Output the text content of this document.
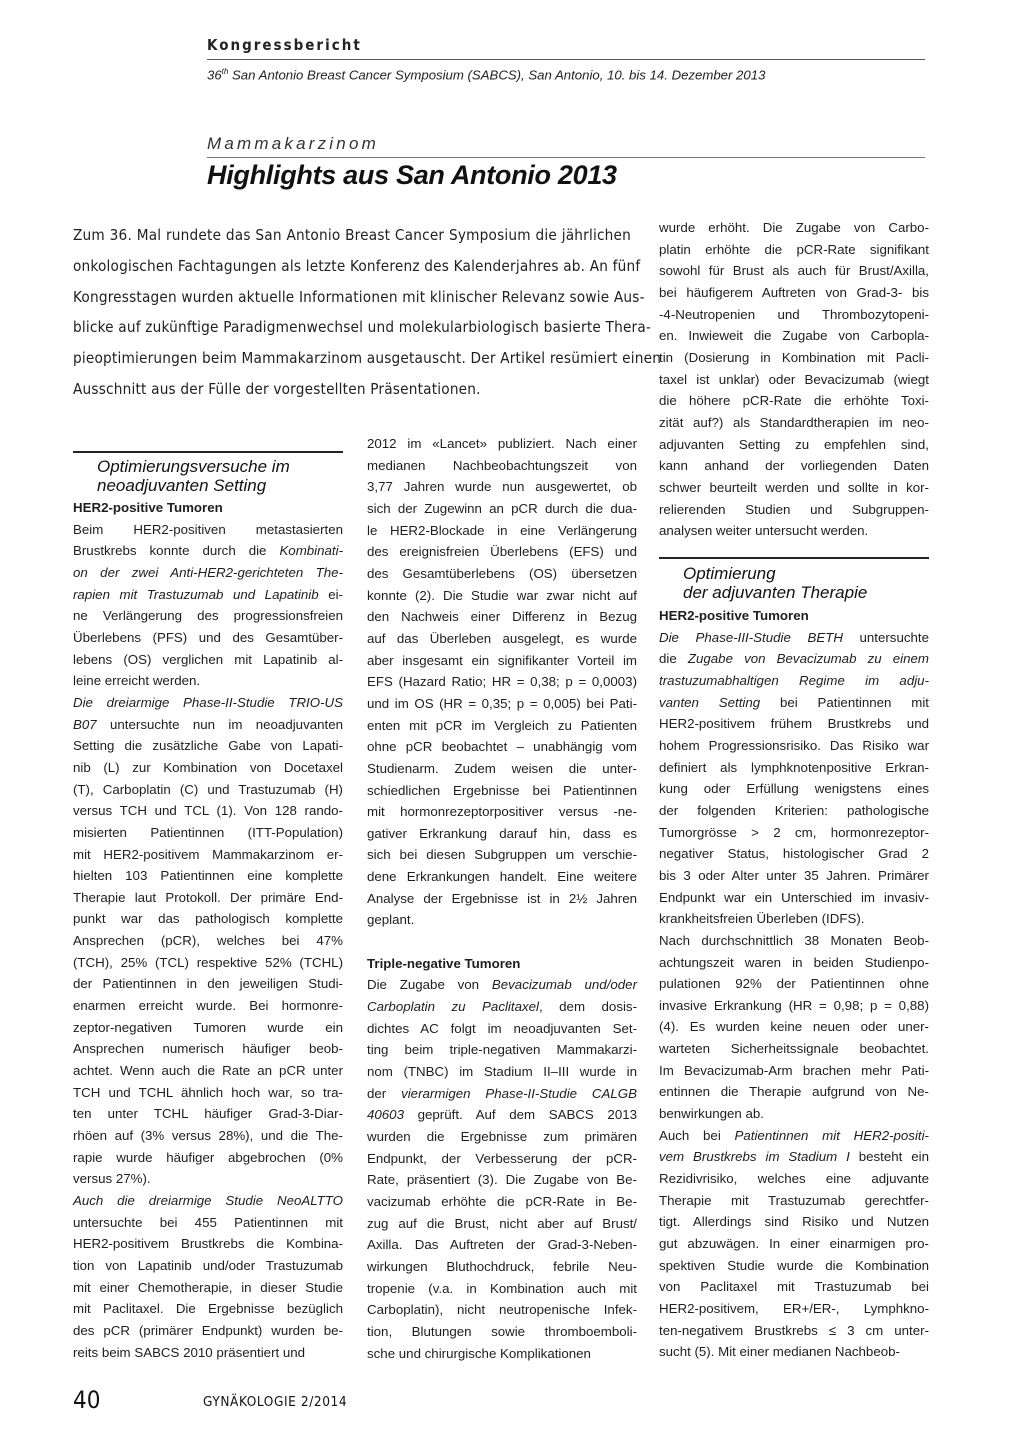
Kongressbericht
36th San Antonio Breast Cancer Symposium (SABCS), San Antonio, 10. bis 14. Dezember 2013
Mammakarzinom
Highlights aus San Antonio 2013
Zum 36. Mal rundete das San Antonio Breast Cancer Symposium die jährlichen
onkologischen Fachtagungen als letzte Konferenz des Kalenderjahres ab. An fünf
Kongresstagen wurden aktuelle Informationen mit klinischer Relevanz sowie Aus-
blicke auf zukünftige Paradigmenwechsel und molekularbiologisch basierte Thera-
pieoptimierungen beim Mammakarzinom ausgetauscht. Der Artikel resümiert einen
Ausschnitt aus der Fülle der vorgestellten Präsentationen.
Optimierungsversuche im
neoadjuvanten Setting
HER2-positive Tumoren
Beim HER2-positiven metastasierten
Brustkrebs konnte durch die Kombinati-
on der zwei Anti-HER2-gerichteten The-
rapien mit Trastuzumab und Lapatinib ei-
ne Verlängerung des progressionsfreien
Überlebens (PFS) und des Gesamtüber-
lebens (OS) verglichen mit Lapatinib al-
leine erreicht werden.
Die dreiarmige Phase-II-Studie TRIO-US
B07 untersuchte nun im neoadjuvanten
Setting die zusätzliche Gabe von Lapati-
nib (L) zur Kombination von Docetaxel
(T), Carboplatin (C) und Trastuzumab (H)
versus TCH und TCL (1). Von 128 rando-
misierten Patientinnen (ITT-Population)
mit HER2-positivem Mammakarzinom er-
hielten 103 Patientinnen eine komplette
Therapie laut Protokoll. Der primäre End-
punkt war das pathologisch komplette
Ansprechen (pCR), welches bei 47%
(TCH), 25% (TCL) respektive 52% (TCHL)
der Patientinnen in den jeweiligen Studi-
enarmen erreicht wurde. Bei hormonre-
zeptor-negativen Tumoren wurde ein
Ansprechen numerisch häufiger beob-
achtet. Wenn auch die Rate an pCR unter
TCH und TCHL ähnlich hoch war, so tra-
ten unter TCHL häufiger Grad-3-Diar-
rhöen auf (3% versus 28%), und die The-
rapie wurde häufiger abgebrochen (0%
versus 27%).
Auch die dreiarmige Studie NeoALTTO
untersuchte bei 455 Patientinnen mit
HER2-positivem Brustkrebs die Kombina-
tion von Lapatinib und/oder Trastuzumab
mit einer Chemotherapie, in dieser Studie
mit Paclitaxel. Die Ergebnisse bezüglich
des pCR (primärer Endpunkt) wurden be-
reits beim SABCS 2010 präsentiert und
2012 im «Lancet» publiziert. Nach einer
medianen Nachbeobachtungszeit von
3,77 Jahren wurde nun ausgewertet, ob
sich der Zugewinn an pCR durch die dua-
le HER2-Blockade in eine Verlängerung
des ereignisfreien Überlebens (EFS) und
des Gesamtüberlebens (OS) übersetzen
konnte (2). Die Studie war zwar nicht auf
den Nachweis einer Differenz in Bezug
auf das Überleben ausgelegt, es wurde
aber insgesamt ein signifikanter Vorteil im
EFS (Hazard Ratio; HR = 0,38; p = 0,0003)
und im OS (HR = 0,35; p = 0,005) bei Pati-
enten mit pCR im Vergleich zu Patienten
ohne pCR beobachtet – unabhängig vom
Studienarm. Zudem weisen die unter-
schiedlichen Ergebnisse bei Patientinnen
mit hormonrezeptorpositiver versus -ne-
gativer Erkrankung darauf hin, dass es
sich bei diesen Subgruppen um verschie-
dene Erkrankungen handelt. Eine weitere
Analyse der Ergebnisse ist in 2½ Jahren
geplant.
Triple-negative Tumoren
Die Zugabe von Bevacizumab und/oder
Carboplatin zu Paclitaxel, dem dosis-
dichtes AC folgt im neoadjuvanten Set-
ting beim triple-negativen Mammakarzi-
nom (TNBC) im Stadium II–III wurde in
der vierarmigen Phase-II-Studie CALGB
40603 geprüft. Auf dem SABCS 2013
wurden die Ergebnisse zum primären
Endpunkt, der Verbesserung der pCR-
Rate, präsentiert (3). Die Zugabe von Be-
vacizumab erhöhte die pCR-Rate in Be-
zug auf die Brust, nicht aber auf Brust/
Axilla. Das Auftreten der Grad-3-Neben-
wirkungen Bluthochdruck, febrile Neu-
tropenie (v.a. in Kombination auch mit
Carboplatin), nicht neutropenische Infek-
tion, Blutungen sowie thromboemboli-
sche und chirurgische Komplikationen
wurde erhöht. Die Zugabe von Carbo-
platin erhöhte die pCR-Rate signifikant
sowohl für Brust als auch für Brust/Axilla,
bei häufigerem Auftreten von Grad-3- bis
-4-Neutropenien und Thrombozytopeni-
en. Inwieweit die Zugabe von Carbopla-
tin (Dosierung in Kombination mit Pacli-
taxel ist unklar) oder Bevacizumab (wiegt
die höhere pCR-Rate die erhöhte Toxi-
zität auf?) als Standardtherapien im neo-
adjuvanten Setting zu empfehlen sind,
kann anhand der vorliegenden Daten
schwer beurteilt werden und sollte in kor-
relierenden Studien und Subgruppen-
analysen weiter untersucht werden.
Optimierung
der adjuvanten Therapie
HER2-positive Tumoren
Die Phase-III-Studie BETH untersuchte
die Zugabe von Bevacizumab zu einem
trastuzumabhaltigen Regime im adju-
vanten Setting bei Patientinnen mit
HER2-positivem frühem Brustkrebs und
hohem Progressionsrisiko. Das Risiko war
definiert als lymphknotenpositive Erkran-
kung oder Erfüllung wenigstens eines
der folgenden Kriterien: pathologische
Tumorgrösse > 2 cm, hormonrezeptor-
negativer Status, histologischer Grad 2
bis 3 oder Alter unter 35 Jahren. Primärer
Endpunkt war ein Unterschied im invasiv-
krankheitsfreien Überleben (IDFS).
Nach durchschnittlich 38 Monaten Beob-
achtungszeit waren in beiden Studienpo-
pulationen 92% der Patientinnen ohne
invasive Erkrankung (HR = 0,98; p = 0,88)
(4). Es wurden keine neuen oder uner-
warteten Sicherheitssignale beobachtet.
Im Bevacizumab-Arm brachen mehr Pati-
entinnen die Therapie aufgrund von Ne-
benwirkungen ab.
Auch bei Patientinnen mit HER2-positi-
vem Brustkrebs im Stadium I besteht ein
Rezidivrisiko, welches eine adjuvante
Therapie mit Trastuzumab gerechtfer-
tigt. Allerdings sind Risiko und Nutzen
gut abzuwägen. In einer einarmigen pro-
spektiven Studie wurde die Kombination
von Paclitaxel mit Trastuzumab bei
HER2-positivem, ER+/ER-, Lymphkno-
ten-negativem Brustkrebs ≤ 3 cm unter-
sucht (5). Mit einer medianen Nachbeob-
40	GYNÄKOLOGIE 2/2014
